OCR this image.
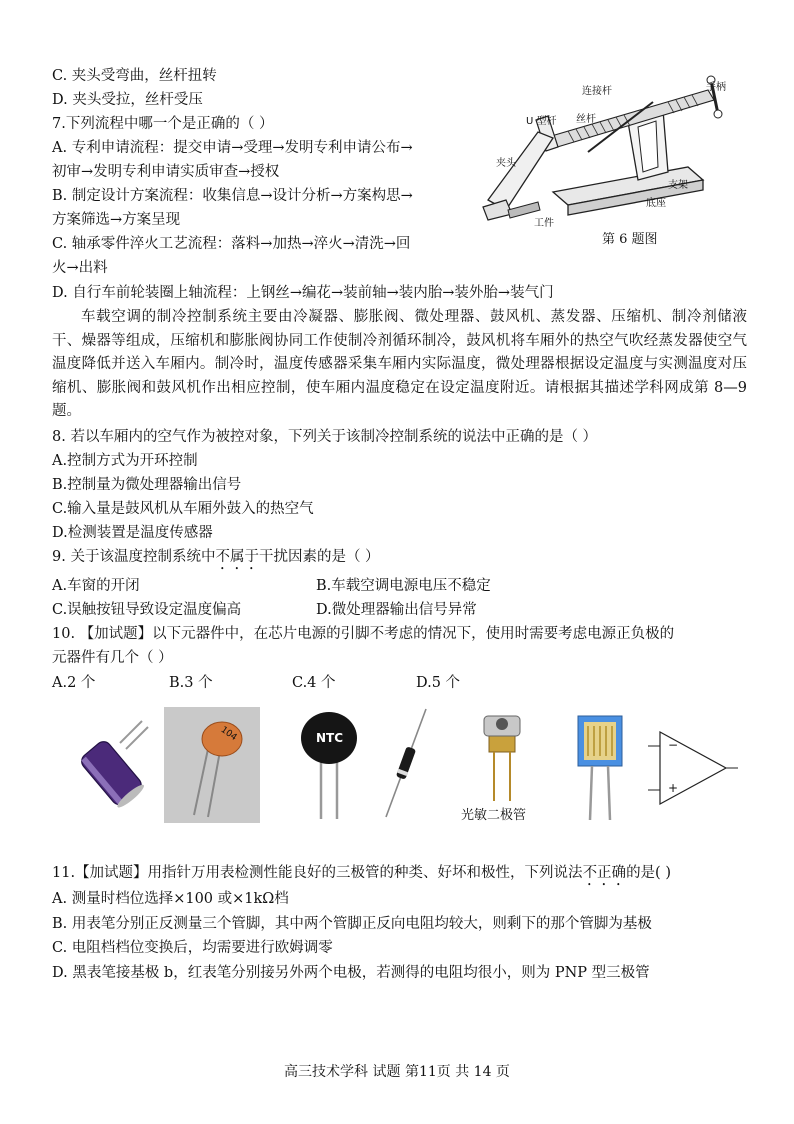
C. 夹头受弯曲，丝杆扭转
D. 夹头受拉，丝杆受压
连接杆	手柄
U 型杆 丝杆
夹头
支架
底座
工件
第 6 题图
7.下列流程中哪一个是正确的（ ）
A. 专利申请流程：提交申请→受理→发明专利申请公布→
初审→发明专利申请实质审查→授权
B. 制定设计方案流程：收集信息→设计分析→方案构思→
方案筛选→方案呈现
C. 轴承零件淬火工艺流程：落料→加热→淬火→清洗→回
火→出料
D. 自行车前轮装圈上轴流程：上钢丝→编花→装前轴→装内胎→装外胎→装气门
车载空调的制冷控制系统主要由冷凝器、膨胀阀、微处理器、鼓风机、蒸发器、压缩机、制冷剂储液干、燥器等组成，压缩机和膨胀阀协同工作使制冷剂循环制冷，鼓风机将车厢外的热空气吹经蒸发器使空气温度降低并送入车厢内。制冷时，温度传感器采集车厢内实际温度，微处理器根据设定温度与实测温度对压缩机、膨胀阀和鼓风机作出相应控制，使车厢内温度稳定在设定温度附近。请根据其描述学科网成第 8—9 题。
8. 若以车厢内的空气作为被控对象，下列关于该制冷控制系统的说法中正确的是（ ）
A.控制方式为开环控制
B.控制量为微处理器输出信号
C.输入量是鼓风机从车厢外鼓入的热空气
D.检测装置是温度传感器
9. 关于该温度控制系统中不属于干扰因素的是（ ）
A.车窗的开闭	B.车载空调电源电压不稳定
C.误触按钮导致设定温度偏高	D.微处理器输出信号异常
10. 【加试题】以下元器件中，在芯片电源的引脚不考虑的情况下，使用时需要考虑电源正负极的
元器件有几个（ ）
A.2 个	B.3 个	C.4 个	D.5 个
104	NTC
光敏二极管
−
+
11.【加试题】用指针万用表检测性能良好的三极管的种类、好坏和极性，下列说法不正确的是( )
A. 测量时档位选择×100 或×1kΩ档
B. 用表笔分别正反测量三个管脚，其中两个管脚正反向电阻均较大，则剩下的那个管脚为基极
C. 电阻档档位变换后，均需要进行欧姆调零
D. 黑表笔接基极 b，红表笔分别接另外两个电极，若测得的电阻均很小，则为 PNP 型三极管
高三技术学科 试题 第11页 共 14 页
